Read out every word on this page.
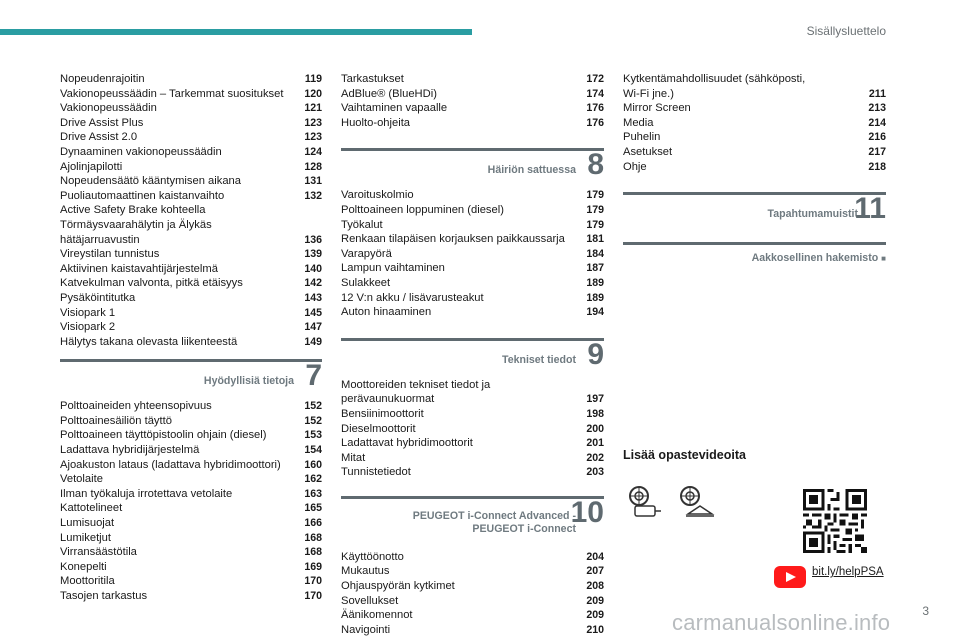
Sisällysluettelo
Nopeudenrajoitin	119
Vakionopeussäädin – Tarkemmat suositukset	120
Vakionopeussäädin	121
Drive Assist Plus	123
Drive Assist 2.0	123
Dynaaminen vakionopeussäädin	124
Ajolinjapilotti	128
Nopeudensäätö kääntymisen aikana	131
Puoliautomaattinen kaistanvaihto	132
Active Safety Brake kohteella
Törmäysvaarahälytin ja Älykäs
hätäjarruavustin	136
Vireystilan tunnistus	139
Aktiivinen kaistavahtijärjestelmä	140
Katvekulman valvonta, pitkä etäisyys	142
Pysäköintitutka	143
Visiopark 1	145
Visiopark 2	147
Hälytys takana olevasta liikenteestä	149
Hyödyllisiä tietoja 7
Polttoaineiden yhteensopivuus	152
Polttoainesäiliön täyttö	152
Polttoaineen täyttöpistoolin ohjain (diesel)	153
Ladattava hybridijärjestelmä	154
Ajoakuston lataus (ladattava hybridimoottori)	160
Vetolaite	162
Ilman työkaluja irrotettava vetolaite	163
Kattotelineet	165
Lumisuojat	166
Lumiketjut	168
Virransäästötila	168
Konepelti	169
Moottoritila	170
Tasojen tarkastus	170
Tarkastukset	172
AdBlue® (BlueHDi)	174
Vaihtaminen vapaalle	176
Huolto-ohjeita	176
Häiriön sattuessa 8
Varoituskolmio	179
Polttoaineen loppuminen (diesel)	179
Työkalut	179
Renkaan tilapäisen korjauksen paikkaussarja	181
Varapyörä	184
Lampun vaihtaminen	187
Sulakkeet	189
12 V:n akku / lisävarusteakut	189
Auton hinaaminen	194
Tekniset tiedot 9
Moottoreiden tekniset tiedot ja
perävaunukuormat	197
Bensiinimoottorit	198
Dieselmoottorit	200
Ladattavat hybridimoottorit	201
Mitat	202
Tunnistetiedot	203
PEUGEOT i-Connect Advanced -
PEUGEOT i-Connect
10
Käyttöönotto	204
Mukautus	207
Ohjauspyörän kytkimet	208
Sovellukset	209
Äänikomennot	209
Navigointi	210
Kytkentämahdollisuudet (sähköposti,
Wi-Fi jne.)	211
Mirror Screen	213
Media	214
Puhelin	216
Asetukset	217
Ohje	218
Tapahtumamuistit
11
Aakkosellinen hakemisto ■
Lisää opastevideoita
bit.ly/helpPSA
3
carmanualsonline.info
